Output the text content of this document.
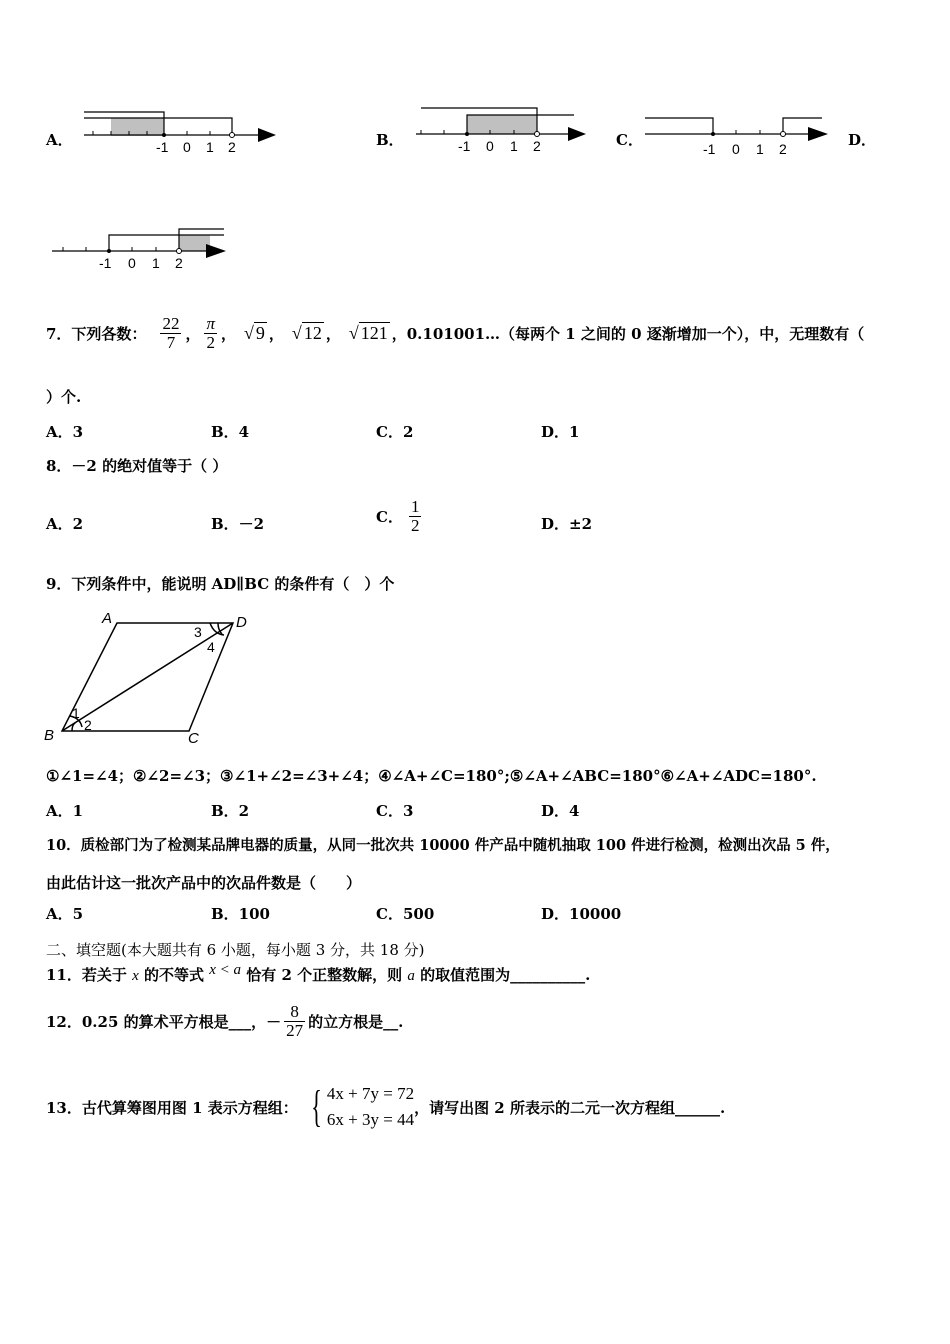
A．	-1 0 1 2	B．	-1 0 1 2	C．	-1 0 1 2	D．
-1 0 1 2
7．下列各数： $\frac{22}{7}$ ， $\frac{\pi}{2}$ ， √ 9 ， √ 12 ， √ 121 ，0.101001…（每两个 1 之间的 0 逐渐增加一个），中，无理数有（
）个.
A．3	B．4	C．2	D．1
8．－2 的绝对值等于（ ）
A．2	B．－2	C． $\frac{1}{2}$	D．±2
9．下列条件中，能说明 AD∥BC 的条件有（　）个
A	D
B	C
1
2
3
4
①∠1=∠4；②∠2=∠3；③∠1+∠2=∠3+∠4；④∠A+∠C=180°;⑤∠A+∠ABC=180°⑥∠A+∠ADC=180°.
A．1	B．2	C．3	D．4
10．质检部门为了检测某品牌电器的质量，从同一批次共 10000 件产品中随机抽取 100 件进行检测，检测出次品 5 件，
由此估计这一批次产品中的次品件数是（　　）
A．5	B．100	C．500	D．10000
二、填空题(本大题共有 6 小题，每小题 3 分，共 18 分)
11．若关于 x 的不等式 x < a 恰有 2 个正整数解，则 a 的取值范围为__________.
12．0.25 的算术平方根是___，－ $\frac{8}{27}$ 的立方根是__.
13．古代算筹图用图 1 表示方程组： { 4x + 7y = 72
6x + 3y = 44
，请写出图 2 所表示的二元一次方程组______.
